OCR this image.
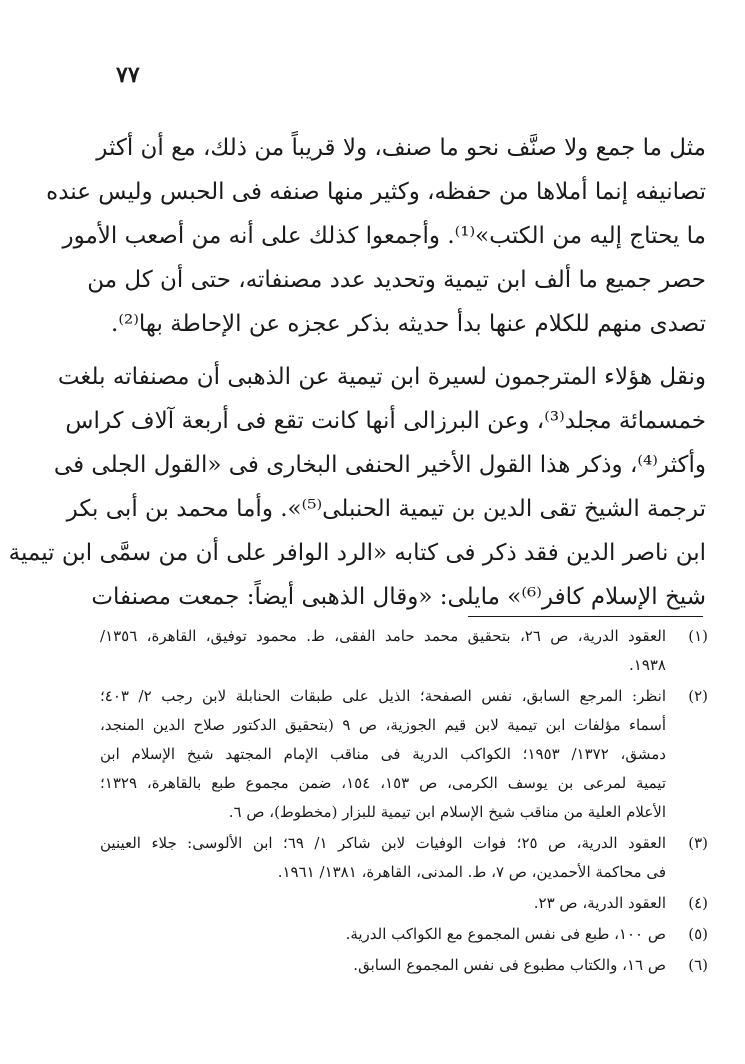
٧٧
مثل ما جمع ولا صنَّف نحو ما صنف، ولا قريباً من ذلك، مع أن أكثر
تصانيفه إنما أملاها من حفظه، وكثير منها صنفه فى الحبس وليس عنده
ما يحتاج إليه من الكتب»⁽¹⁾. وأجمعوا كذلك على أنه من أصعب الأمور
حصر جميع ما ألف ابن تيمية وتحديد عدد مصنفاته، حتى أن كل من
تصدى منهم للكلام عنها بدأ حديثه بذكر عجزه عن الإحاطة بها⁽²⁾.
ونقل هؤلاء المترجمون لسيرة ابن تيمية عن الذهبى أن مصنفاته بلغت
خمسمائة مجلد⁽³⁾، وعن البرزالى أنها كانت تقع فى أربعة آلاف كراس
وأكثر⁽⁴⁾، وذكر هذا القول الأخير الحنفى البخارى فى «القول الجلى فى
ترجمة الشيخ تقى الدين بن تيمية الحنبلى⁽⁵⁾». وأما محمد بن أبى بكر
ابن ناصر الدين فقد ذكر فى كتابه «الرد الوافر على أن من سمَّى ابن تيمية
شيخ الإسلام كافر⁽⁶⁾» مايلى: «وقال الذهبى أيضاً: جمعت مصنفات
(١)
العقود الدرية، ص ٢٦، بتحقيق محمد حامد الفقى، ط. محمود توفيق، القاهرة، ١٣٥٦/
١٩٣٨.
(٢)
انظر: المرجع السابق، نفس الصفحة؛ الذيل على طبقات الحنابلة لابن رجب ٢/ ٤٠٣؛
أسماء مؤلفات ابن تيمية لابن قيم الجوزية، ص ٩ (بتحقيق الدكتور صلاح الدين المنجد،
دمشق، ١٣٧٢/ ١٩٥٣؛ الكواكب الدرية فى مناقب الإمام المجتهد شيخ الإسلام ابن
تيمية لمرعى بن يوسف الكرمى، ص ١٥٣، ١٥٤، ضمن مجموع طبع بالقاهرة، ١٣٢٩؛
الأعلام العلية من مناقب شيخ الإسلام ابن تيمية للبزار (مخطوط)، ص ٦.
(٣)
العقود الدرية، ص ٢٥؛ فوات الوفيات لابن شاكر ١/ ٦٩؛ ابن الألوسى: جلاء العينين
فى محاكمة الأحمدين، ص ٧، ط. المدنى، القاهرة، ١٣٨١/ ١٩٦١.
(٤)
العقود الدرية، ص ٢٣.
(٥)
ص ١٠٠، طبع فى نفس المجموع مع الكواكب الدرية.
(٦)
ص ١٦، والكتاب مطبوع فى نفس المجموع السابق.
